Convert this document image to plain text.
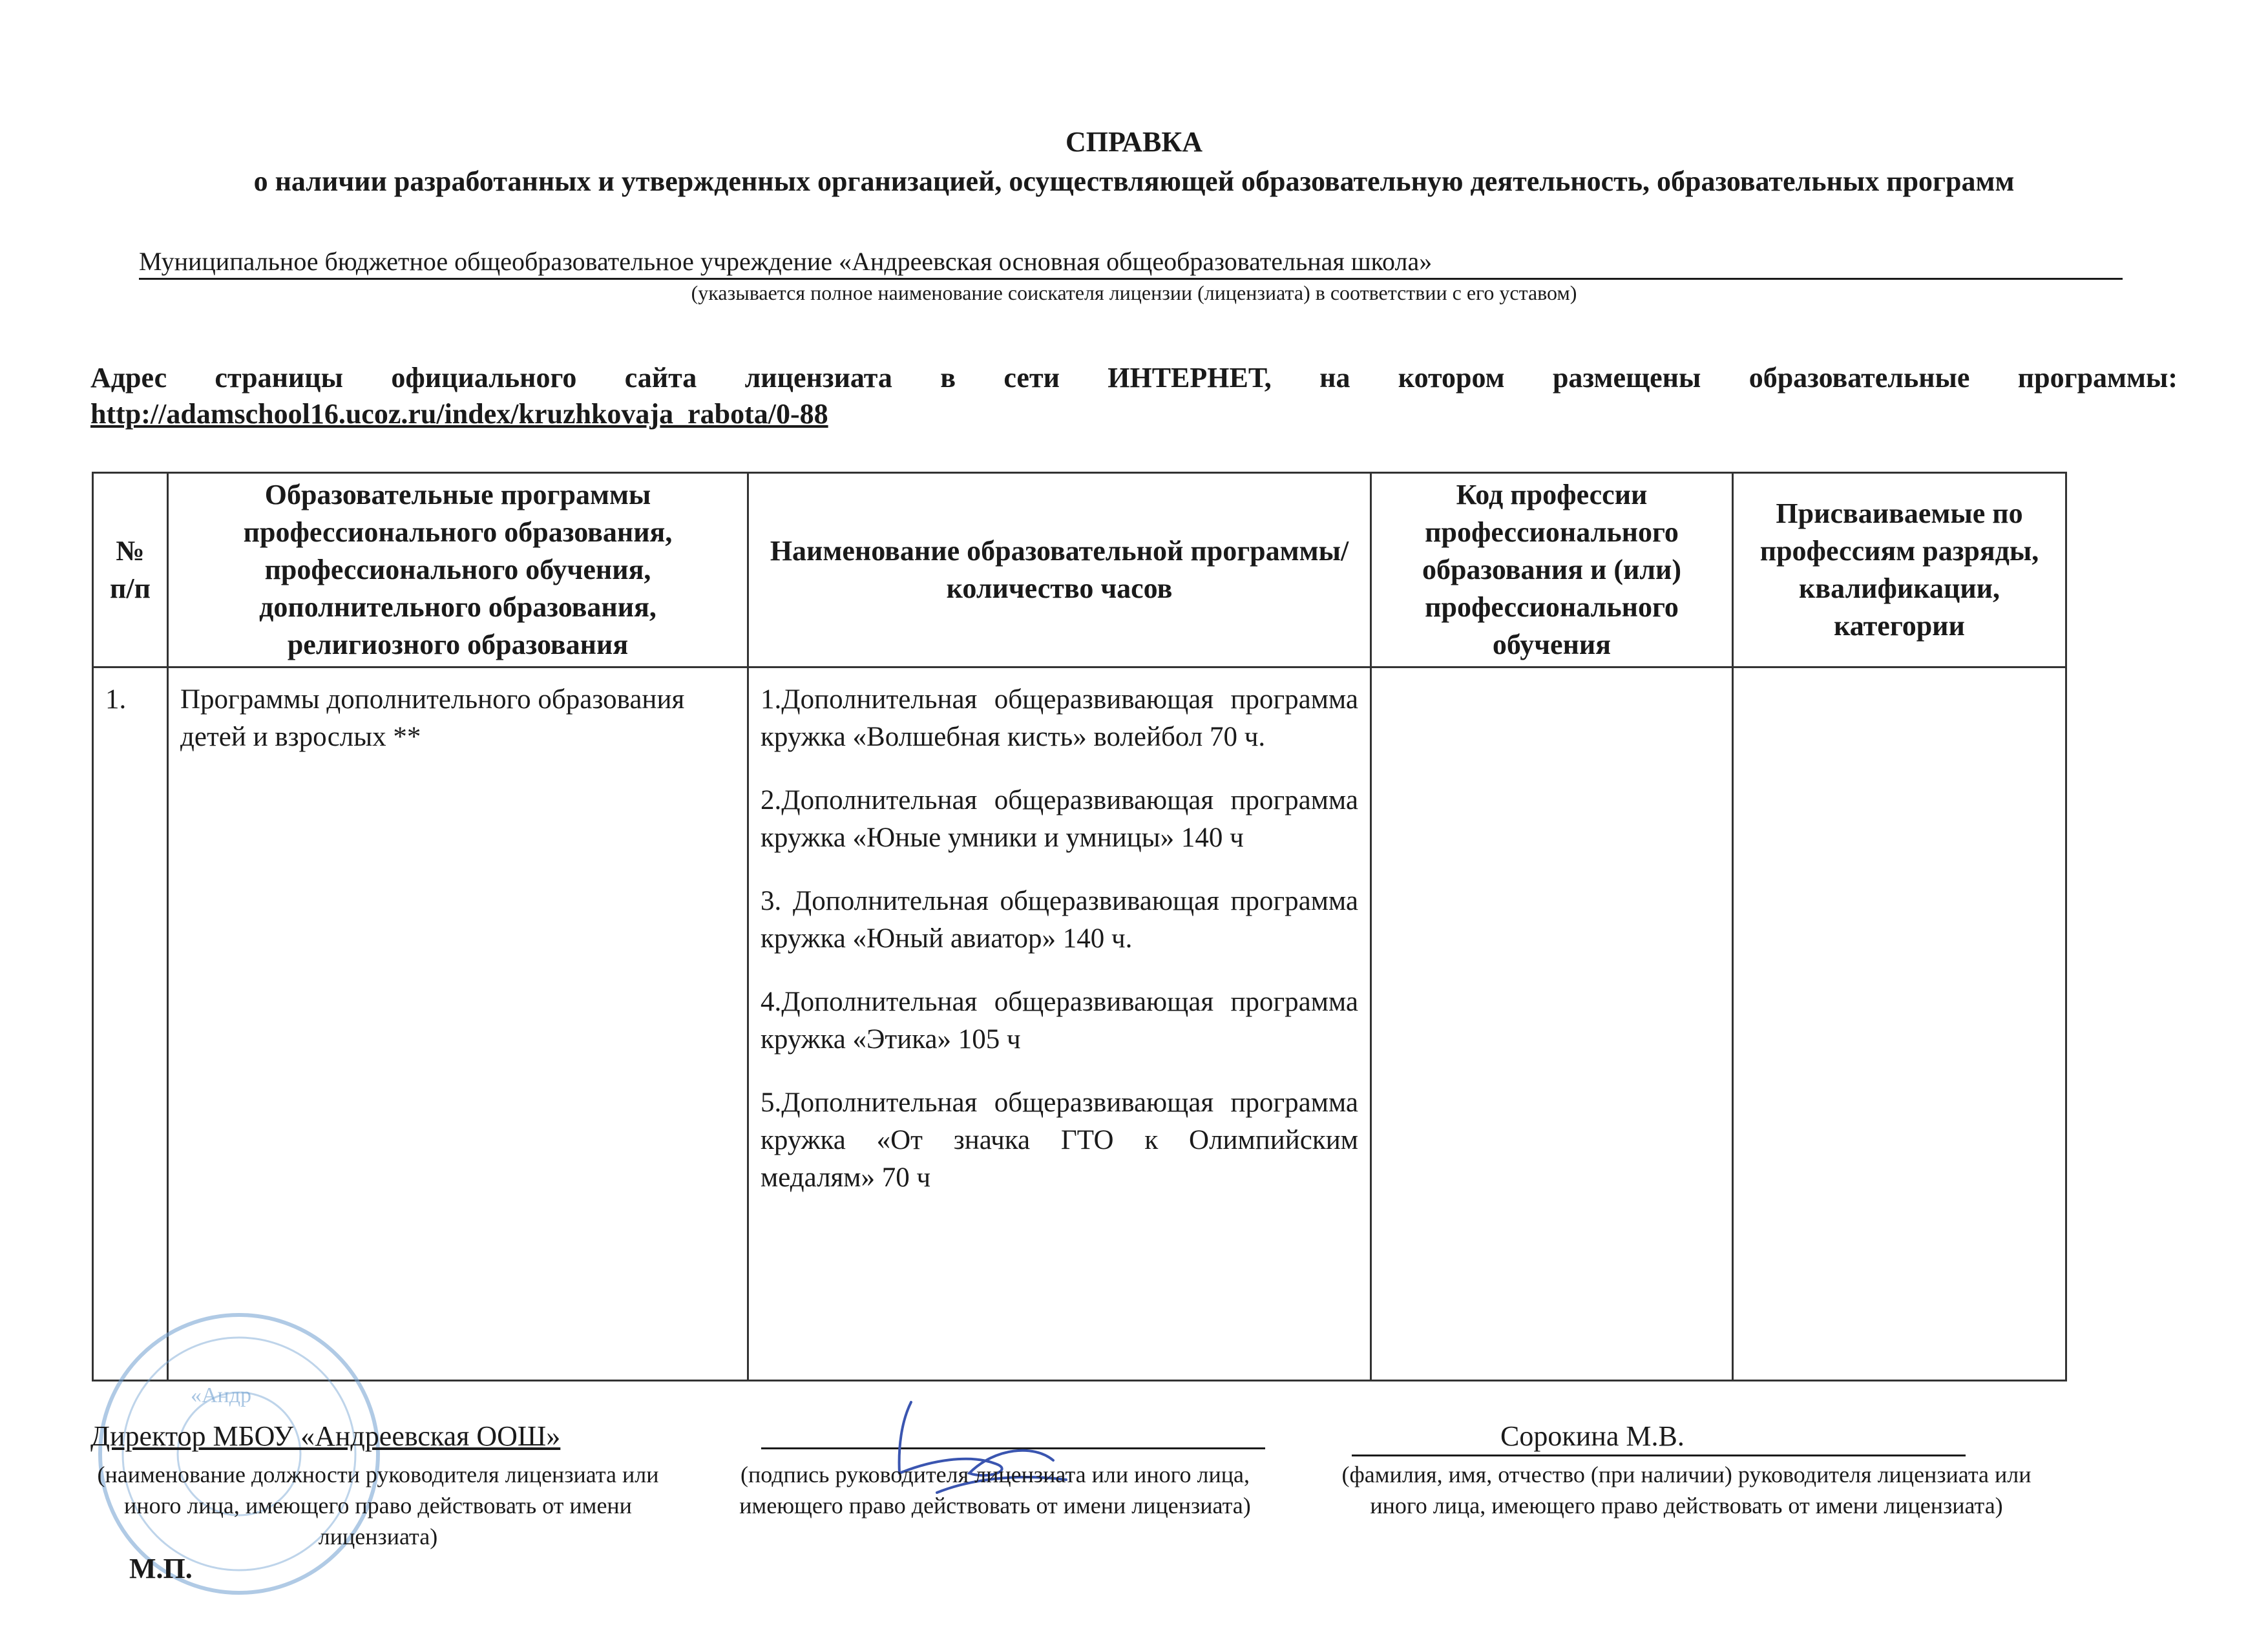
СПРАВКА
о наличии разработанных и утвержденных организацией, осуществляющей образовательную деятельность, образовательных программ
Муниципальное бюджетное общеобразовательное учреждение «Андреевская основная общеобразовательная школа»
(указывается полное наименование соискателя лицензии (лицензиата) в соответствии с его уставом)
Адрес страницы официального сайта лицензиата в сети ИНТЕРНЕТ, на котором размещены образовательные программы:
http://adamschool16.ucoz.ru/index/kruzhkovaja_rabota/0-88
№ п/п	Образовательные программы профессионального образования, профессионального обучения, дополнительного образования, религиозного образования	Наименование образовательной программы/количество часов	Код профессии профессионального образования и (или) профессионального обучения	Присваиваемые по профессиям разряды, квалификации, категории
1.	Программы дополнительного образования детей и взрослых **	1.Дополнительная общеразвивающая программа кружка «Волшебная кисть» волейбол 70 ч.

2.Дополнительная общеразвивающая программа кружка «Юные умники и умницы» 140 ч

3. Дополнительная общеразвивающая программа кружка «Юный авиатор» 140 ч.

4.Дополнительная общеразвивающая программа кружка «Этика» 105 ч

5.Дополнительная общеразвивающая программа кружка «От значка ГТО к Олимпийским медалям» 70 ч		

«Андр
Директор МБОУ «Андреевская ООШ»
(наименование должности руководителя лицензиата или иного лица, имеющего право действовать от имени лицензиата)
(подпись руководителя лицензиата или иного лица, имеющего право действовать от имени лицензиата)
Сорокина М.В.
(фамилия, имя, отчество (при наличии) руководителя лицензиата или иного лица, имеющего право действовать от имени лицензиата)
М.П.
